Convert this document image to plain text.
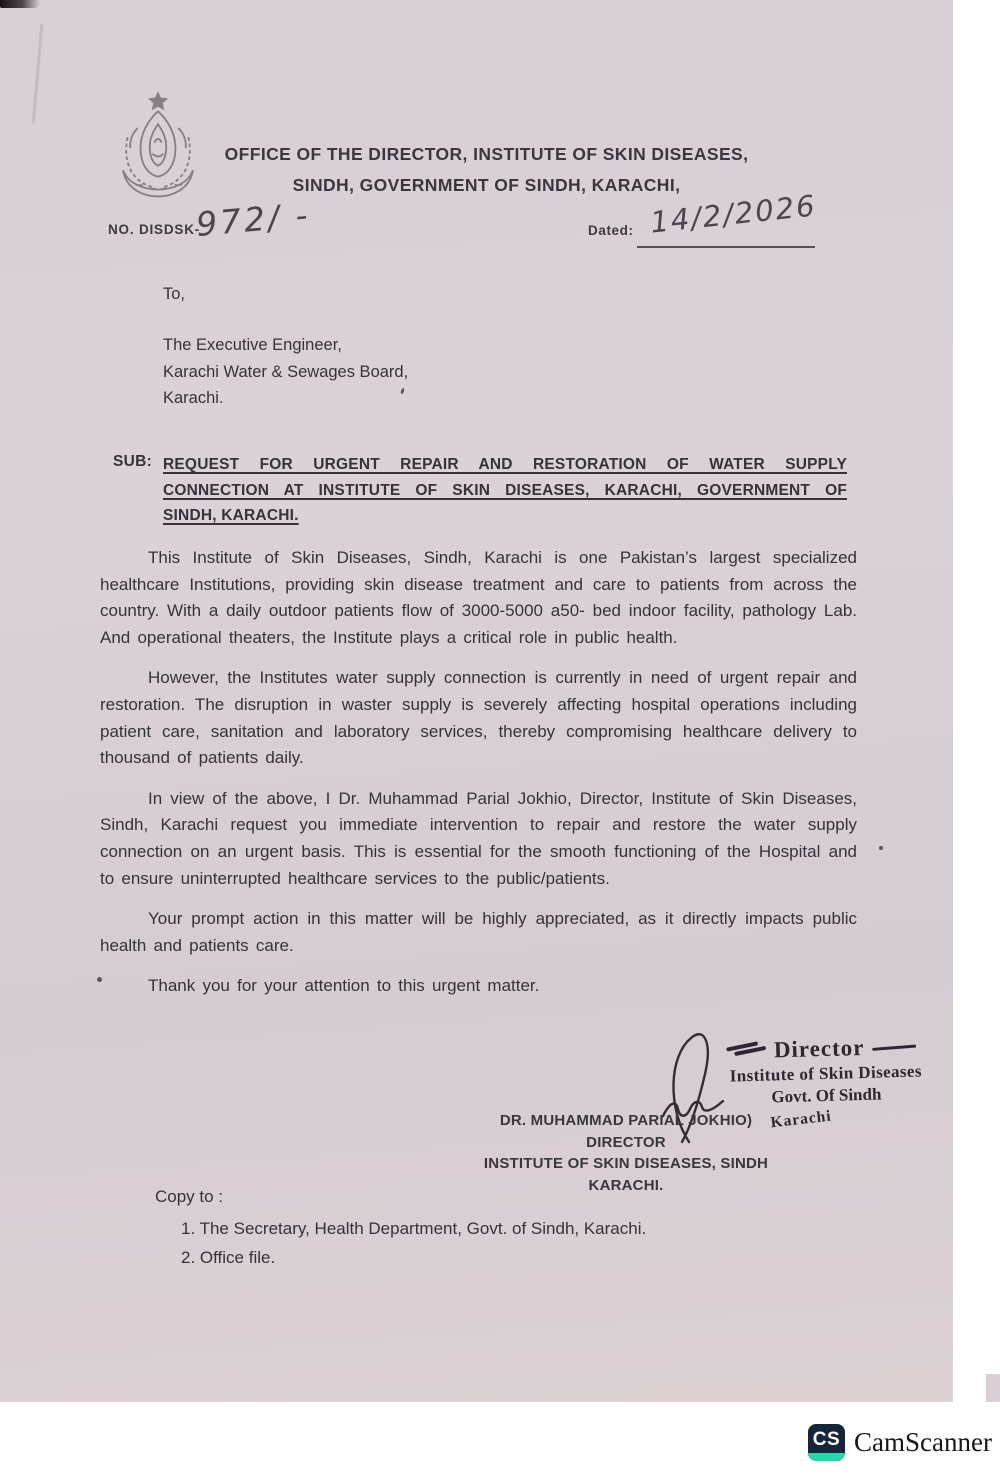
OFFICE OF THE DIRECTOR, INSTITUTE OF SKIN DISEASES,
SINDH, GOVERNMENT OF SINDH, KARACHI,
NO. DISDSK-
972/ -	Dated: 14/2/2026
To,
The Executive Engineer,
Karachi Water & Sewages Board,
Karachi.
SUB: REQUEST FOR URGENT REPAIR AND RESTORATION OF WATER SUPPLY
CONNECTION AT INSTITUTE OF SKIN DISEASES, KARACHI, GOVERNMENT OF
SINDH, KARACHI.

This Institute of Skin Diseases, Sindh, Karachi is one Pakistan’s largest specialized healthcare Institutions, providing skin disease treatment and care to patients from across the country. With a daily outdoor patients flow of 3000-5000 a50- bed indoor facility, pathology Lab. And operational theaters, the Institute plays a critical role in public health.

However, the Institutes water supply connection is currently in need of urgent repair and restoration. The disruption in waster supply is severely affecting hospital operations including patient care, sanitation and laboratory services, thereby compromising healthcare delivery to thousand of patients daily.

In view of the above, I Dr. Muhammad Parial Jokhio, Director, Institute of Skin Diseases, Sindh, Karachi request you immediate intervention to repair and restore the water supply connection on an urgent basis. This is essential for the smooth functioning of the Hospital and to ensure uninterrupted healthcare services to the public/patients.

Your prompt action in this matter will be highly appreciated, as it directly impacts public health and patients care.

Thank you for your attention to this urgent matter.

Director
Institute of Skin Diseases
Govt. Of Sindh
Karachi
DR. MUHAMMAD PARIAL JOKHIO)
DIRECTOR
INSTITUTE OF SKIN DISEASES, SINDH
KARACHI.
Copy to :
1. The Secretary, Health Department, Govt. of Sindh, Karachi.
2. Office file.
CS CamScanner
